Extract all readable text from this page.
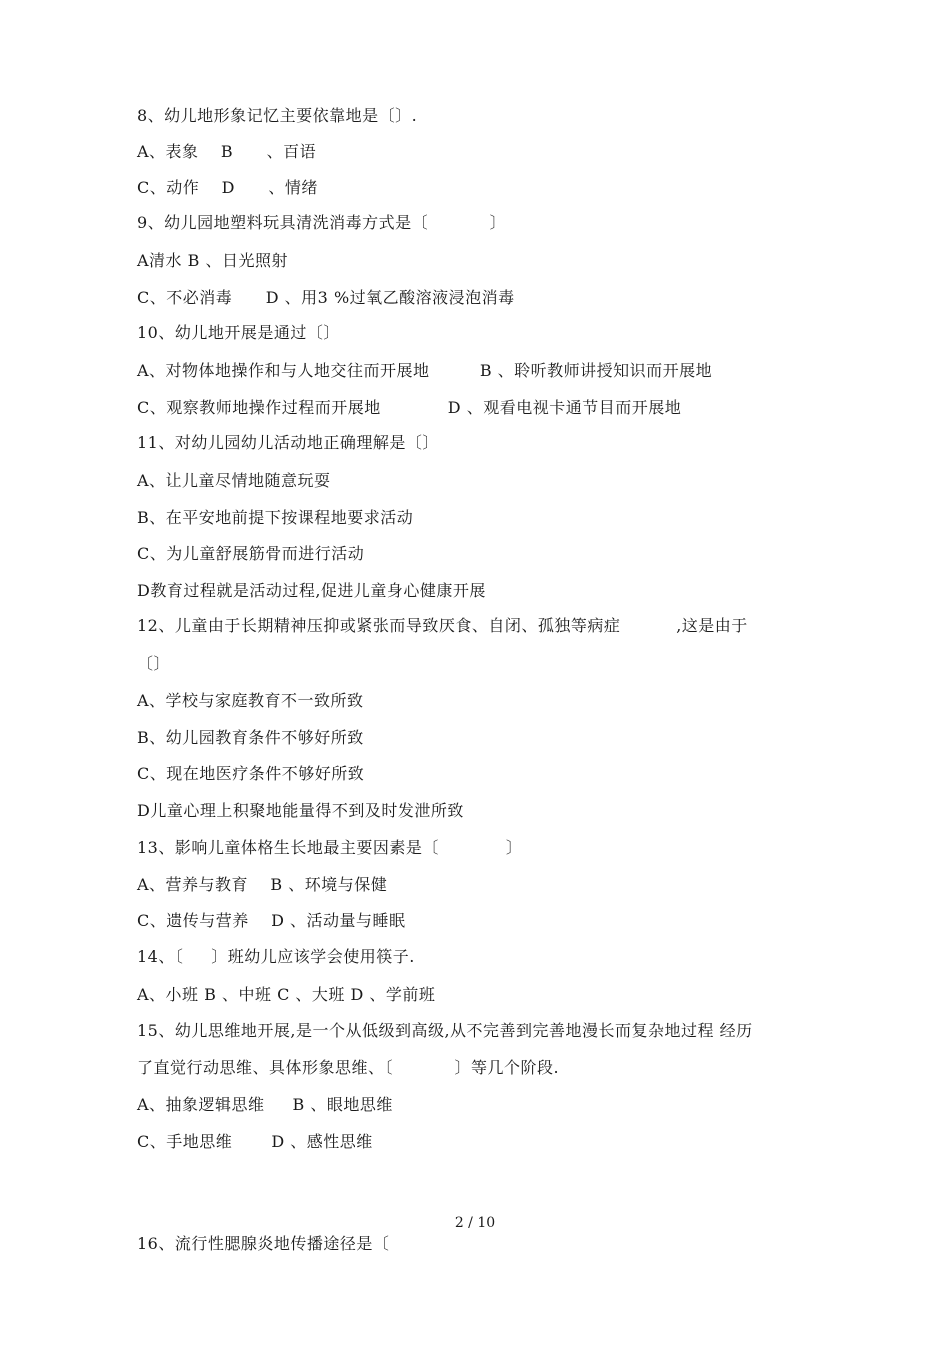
8、幼儿地形象记忆主要依靠地是〔〕.
A、表象    B      、百语
C、动作    D      、情绪
9、幼儿园地塑料玩具清洗消毒方式是〔           〕
A清水 B 、日光照射
C、不必消毒      D 、用3 %过氧乙酸溶液浸泡消毒
10、幼儿地开展是通过〔〕
A、对物体地操作和与人地交往而开展地         B 、聆听教师讲授知识而开展地
C、观察教师地操作过程而开展地            D 、观看电视卡通节目而开展地
11、对幼儿园幼儿活动地正确理解是〔〕
A、让儿童尽情地随意玩耍
B、在平安地前提下按课程地要求活动
C、为儿童舒展筋骨而进行活动
D教育过程就是活动过程,促进儿童身心健康开展
12、儿童由于长期精神压抑或紧张而导致厌食、自闭、孤独等病症          ,这是由于
〔〕
A、学校与家庭教育不一致所致
B、幼儿园教育条件不够好所致
C、现在地医疗条件不够好所致
D儿童心理上积聚地能量得不到及时发泄所致
13、影响儿童体格生长地最主要因素是〔            〕
A、营养与教育    B 、环境与保健
C、遗传与营养    D 、活动量与睡眠
14、〔     〕班幼儿应该学会使用筷子.
A、小班 B 、中班 C 、大班 D 、学前班
15、幼儿思维地开展,是一个从低级到高级,从不完善到完善地漫长而复杂地过程 经历
了直觉行动思维、具体形象思维、〔           〕等几个阶段.
A、抽象逻辑思维     B 、眼地思维
C、手地思维       D 、感性思维
2 / 10
16、流行性腮腺炎地传播途径是〔
